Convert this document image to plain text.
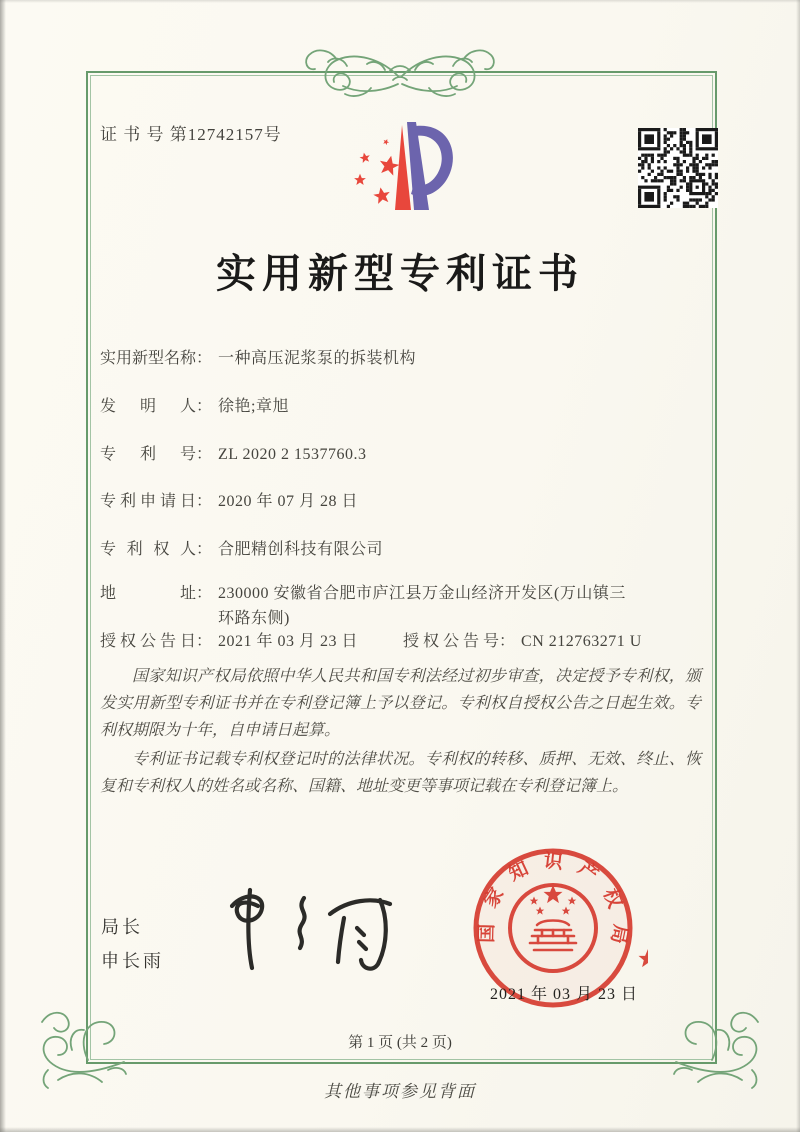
证 书 号 第12742157号
实用新型专利证书
实用新型名称： 一种高压泥浆泵的拆装机构
发明人： 徐艳;章旭
专利号： ZL 2020 2 1537760.3
专利申请日： 2020 年 07 月 28 日
专利权人： 合肥精创科技有限公司
地址： 230000 安徽省合肥市庐江县万金山经济开发区(万山镇三环路东侧)
授权公告日： 2021 年 03 月 23 日	授权公告号： CN 212763271 U

国家知识产权局依照中华人民共和国专利法经过初步审查，决定授予专利权，颁发实用新型专利证书并在专利登记簿上予以登记。专利权自授权公告之日起生效。专利权期限为十年，自申请日起算。

专利证书记载专利权登记时的法律状况。专利权的转移、质押、无效、终止、恢复和专利权人的姓名或名称、国籍、地址变更等事项记载在专利登记簿上。

局长
申长雨
国家知识产权局
2021 年 03 月 23 日
第 1 页 (共 2 页)
其他事项参见背面
